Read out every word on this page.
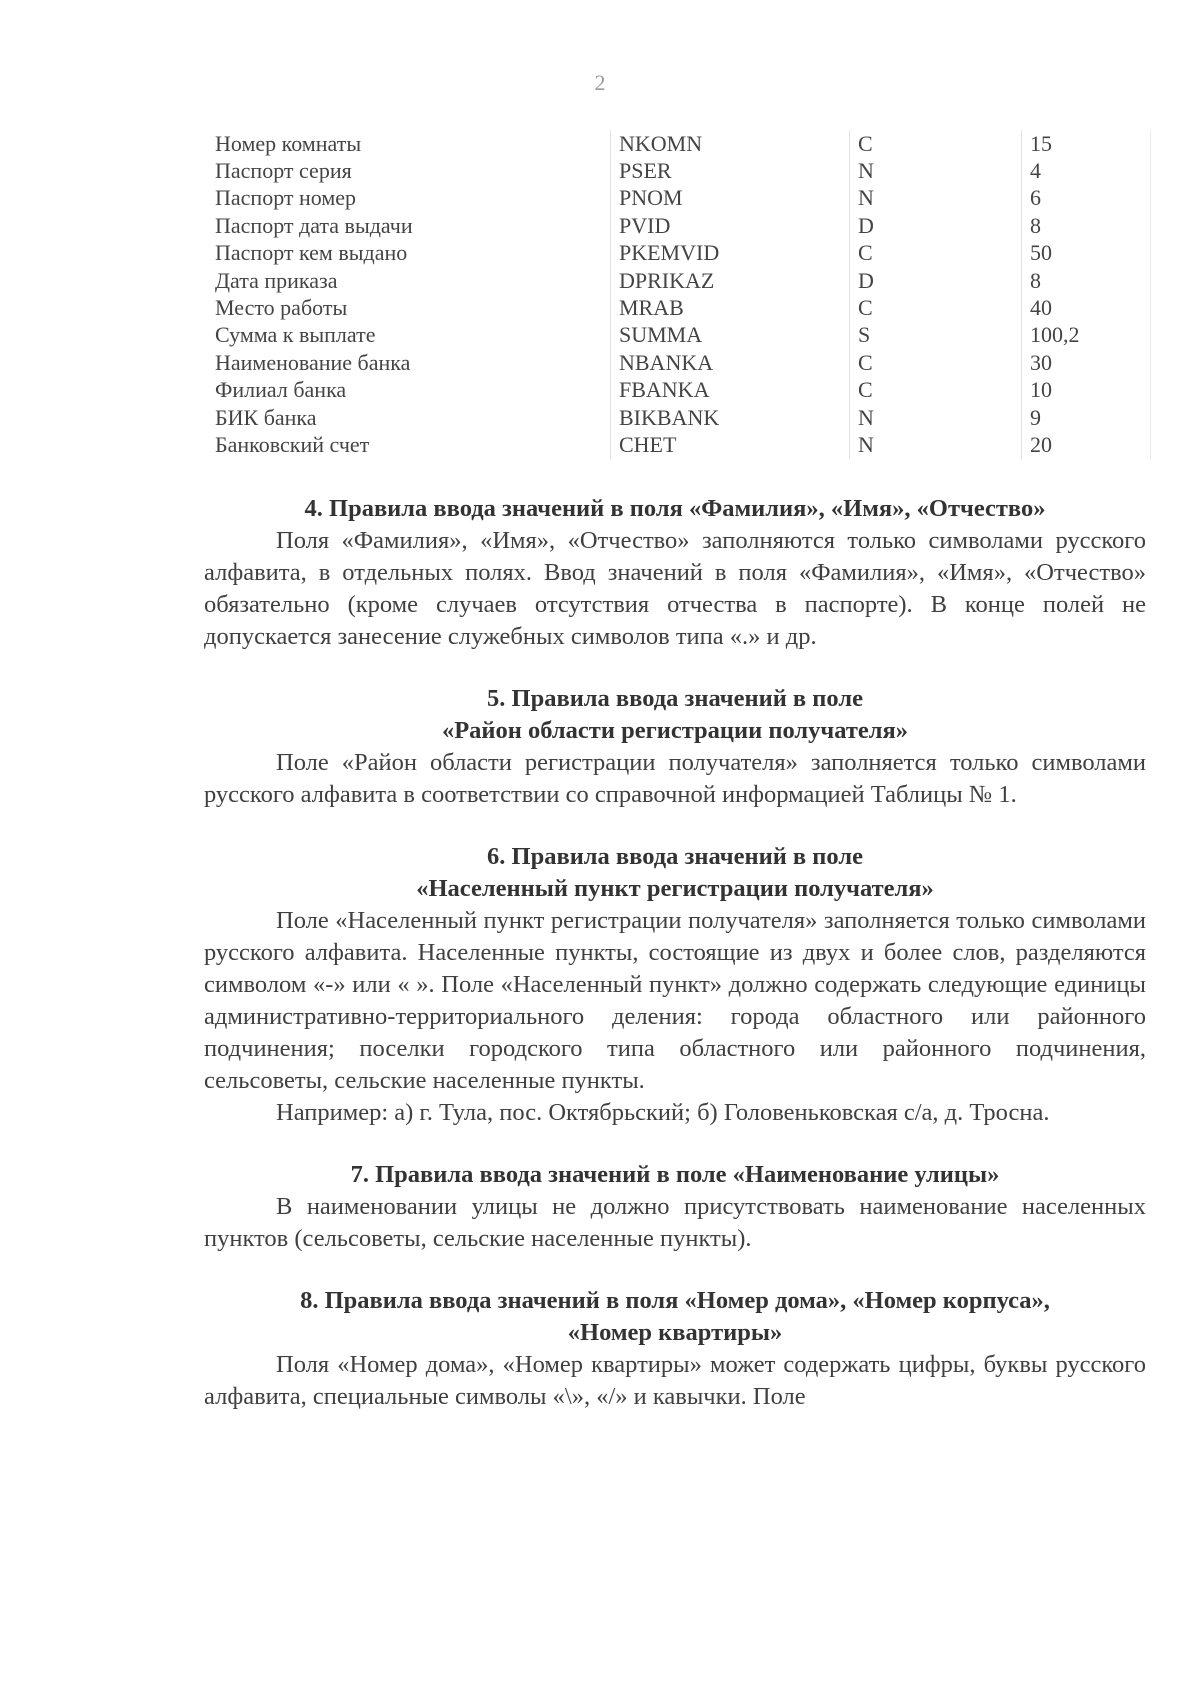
2
Номер комнаты	NKOMN	C	15
Паспорт серия	PSER	N	4
Паспорт номер	PNOM	N	6
Паспорт дата выдачи	PVID	D	8
Паспорт кем выдано	PKEMVID	C	50
Дата приказа	DPRIKAZ	D	8
Место работы	MRAB	C	40
Сумма к выплате	SUMMA	S	100,2
Наименование банка	NBANKA	C	30
Филиал банка	FBANKA	C	10
БИК банка	BIKBANK	N	9
Банковский счет	CHET	N	20
4. Правила ввода значений в поля «Фамилия», «Имя», «Отчество»

Поля «Фамилия», «Имя», «Отчество» заполняются только символами русского алфавита, в отдельных полях. Ввод значений в поля «Фамилия», «Имя», «Отчество» обязательно (кроме случаев отсутствия отчества в паспорте). В конце полей не допускается занесение служебных символов типа «.» и др.

5. Правила ввода значений в поле
«Район области регистрации получателя»

Поле «Район области регистрации получателя» заполняется только символами русского алфавита в соответствии со справочной информацией Таблицы № 1.

6. Правила ввода значений в поле
«Населенный пункт регистрации получателя»

Поле «Населенный пункт регистрации получателя» заполняется только символами русского алфавита. Населенные пункты, состоящие из двух и более слов, разделяются символом «-» или « ». Поле «Населенный пункт» должно содержать следующие единицы административно-территориального деления: города областного или районного подчинения; поселки городского типа областного или районного подчинения, сельсоветы, сельские населенные пункты.

Например: а) г. Тула, пос. Октябрьский; б) Головеньковская с/а, д. Тросна.

7. Правила ввода значений в поле «Наименование улицы»

В наименовании улицы не должно присутствовать наименование населенных пунктов (сельсоветы, сельские населенные пункты).

8. Правила ввода значений в поля «Номер дома», «Номер корпуса»,
«Номер квартиры»

Поля «Номер дома», «Номер квартиры» может содержать цифры, буквы русского алфавита, специальные символы «\», «/» и кавычки. Поле
